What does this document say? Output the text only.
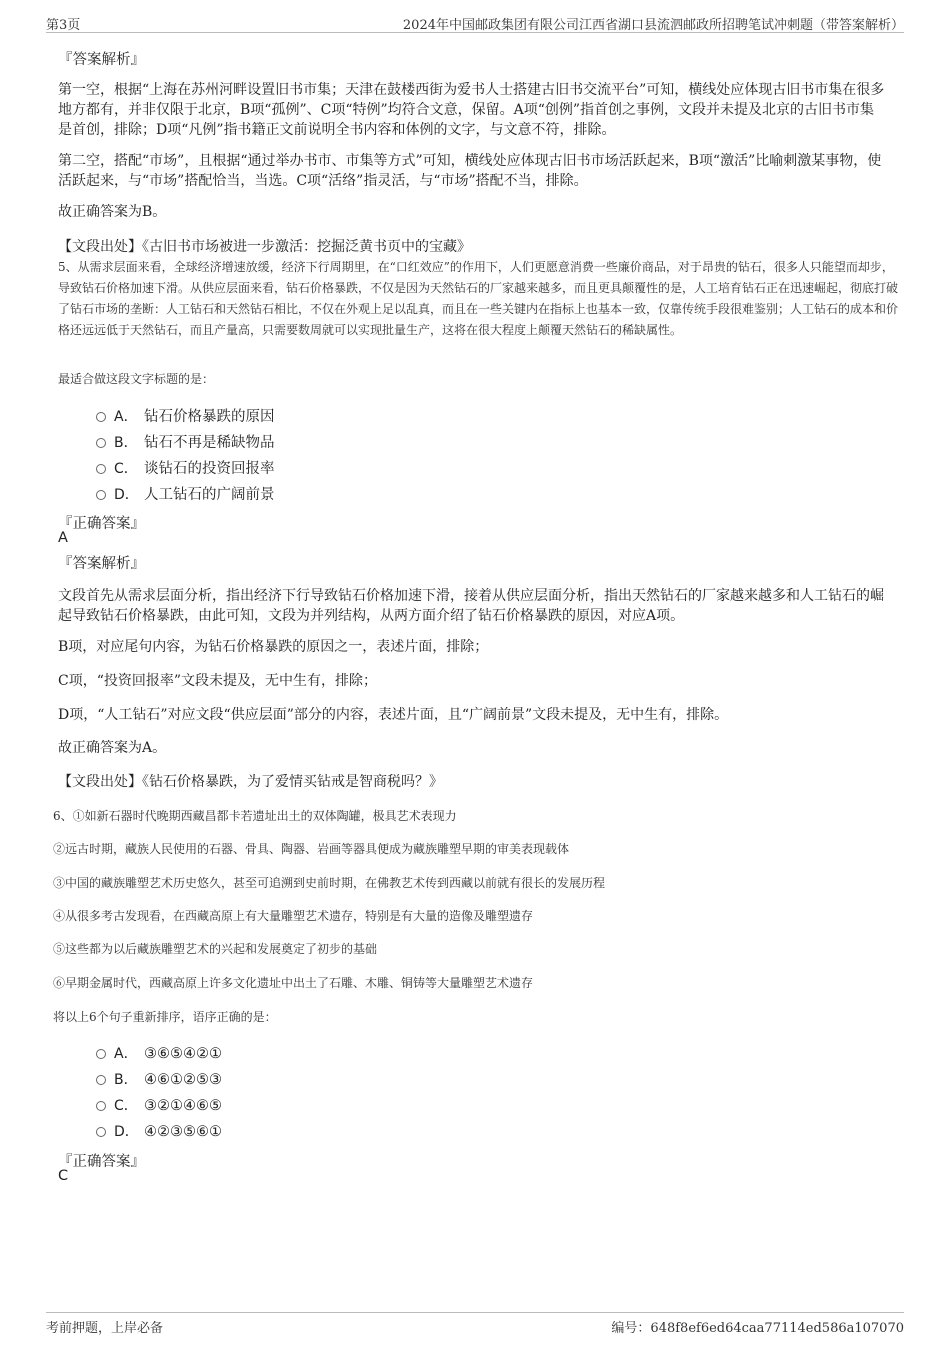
第3页	2024年中国邮政集团有限公司江西省湖口县流泗邮政所招聘笔试冲刺题（带答案解析）
『答案解析』
第一空，根据“上海在苏州河畔设置旧书市集；天津在鼓楼西街为爱书人士搭建古旧书交流平台”可知，横线处应体现古旧书市集在很多地方都有，并非仅限于北京，B项“孤例”、C项“特例”均符合文意，保留。A项“创例”指首创之事例，文段并未提及北京的古旧书市集是首创，排除；D项“凡例”指书籍正文前说明全书内容和体例的文字，与文意不符，排除。
第二空，搭配“市场”，且根据“通过举办书市、市集等方式”可知，横线处应体现古旧书市场活跃起来，B项“激活”比喻刺激某事物，使活跃起来，与“市场”搭配恰当，当选。C项“活络”指灵活，与“市场”搭配不当，排除。
故正确答案为B。
【文段出处】《古旧书市场被进一步激活：挖掘泛黄书页中的宝藏》
5、从需求层面来看，全球经济增速放缓，经济下行周期里，在“口红效应”的作用下，人们更愿意消费一些廉价商品，对于昂贵的钻石，很多人只能望而却步，导致钻石价格加速下滑。从供应层面来看，钻石价格暴跌，不仅是因为天然钻石的厂家越来越多，而且更具颠覆性的是，人工培育钻石正在迅速崛起，彻底打破了钻石市场的垄断：人工钻石和天然钻石相比，不仅在外观上足以乱真，而且在一些关键内在指标上也基本一致，仅靠传统手段很难鉴别；人工钻石的成本和价格还远远低于天然钻石，而且产量高，只需要数周就可以实现批量生产，这将在很大程度上颠覆天然钻石的稀缺属性。
最适合做这段文字标题的是：
A． 钻石价格暴跌的原因
B． 钻石不再是稀缺物品
C． 谈钻石的投资回报率
D． 人工钻石的广阔前景
『正确答案』
A
『答案解析』
文段首先从需求层面分析，指出经济下行导致钻石价格加速下滑，接着从供应层面分析，指出天然钻石的厂家越来越多和人工钻石的崛起导致钻石价格暴跌，由此可知，文段为并列结构，从两方面介绍了钻石价格暴跌的原因，对应A项。
B项，对应尾句内容，为钻石价格暴跌的原因之一，表述片面，排除；
C项，“投资回报率”文段未提及，无中生有，排除；
D项，“人工钻石”对应文段“供应层面”部分的内容，表述片面，且“广阔前景”文段未提及，无中生有，排除。
故正确答案为A。
【文段出处】《钻石价格暴跌，为了爱情买钻戒是智商税吗？》
6、①如新石器时代晚期西藏昌都卡若遗址出土的双体陶罐，极具艺术表现力
②远古时期，藏族人民使用的石器、骨具、陶器、岩画等器具便成为藏族雕塑早期的审美表现载体
③中国的藏族雕塑艺术历史悠久，甚至可追溯到史前时期，在佛教艺术传到西藏以前就有很长的发展历程
④从很多考古发现看，在西藏高原上有大量雕塑艺术遗存，特别是有大量的造像及雕塑遗存
⑤这些都为以后藏族雕塑艺术的兴起和发展奠定了初步的基础
⑥早期金属时代，西藏高原上许多文化遗址中出土了石雕、木雕、铜铸等大量雕塑艺术遗存
将以上6个句子重新排序，语序正确的是：
A． ③⑥⑤④②①
B． ④⑥①②⑤③
C． ③②①④⑥⑤
D． ④②③⑤⑥①
『正确答案』
C
考前押题，上岸必备	编号：648f8ef6ed64caa77114ed586a107070
